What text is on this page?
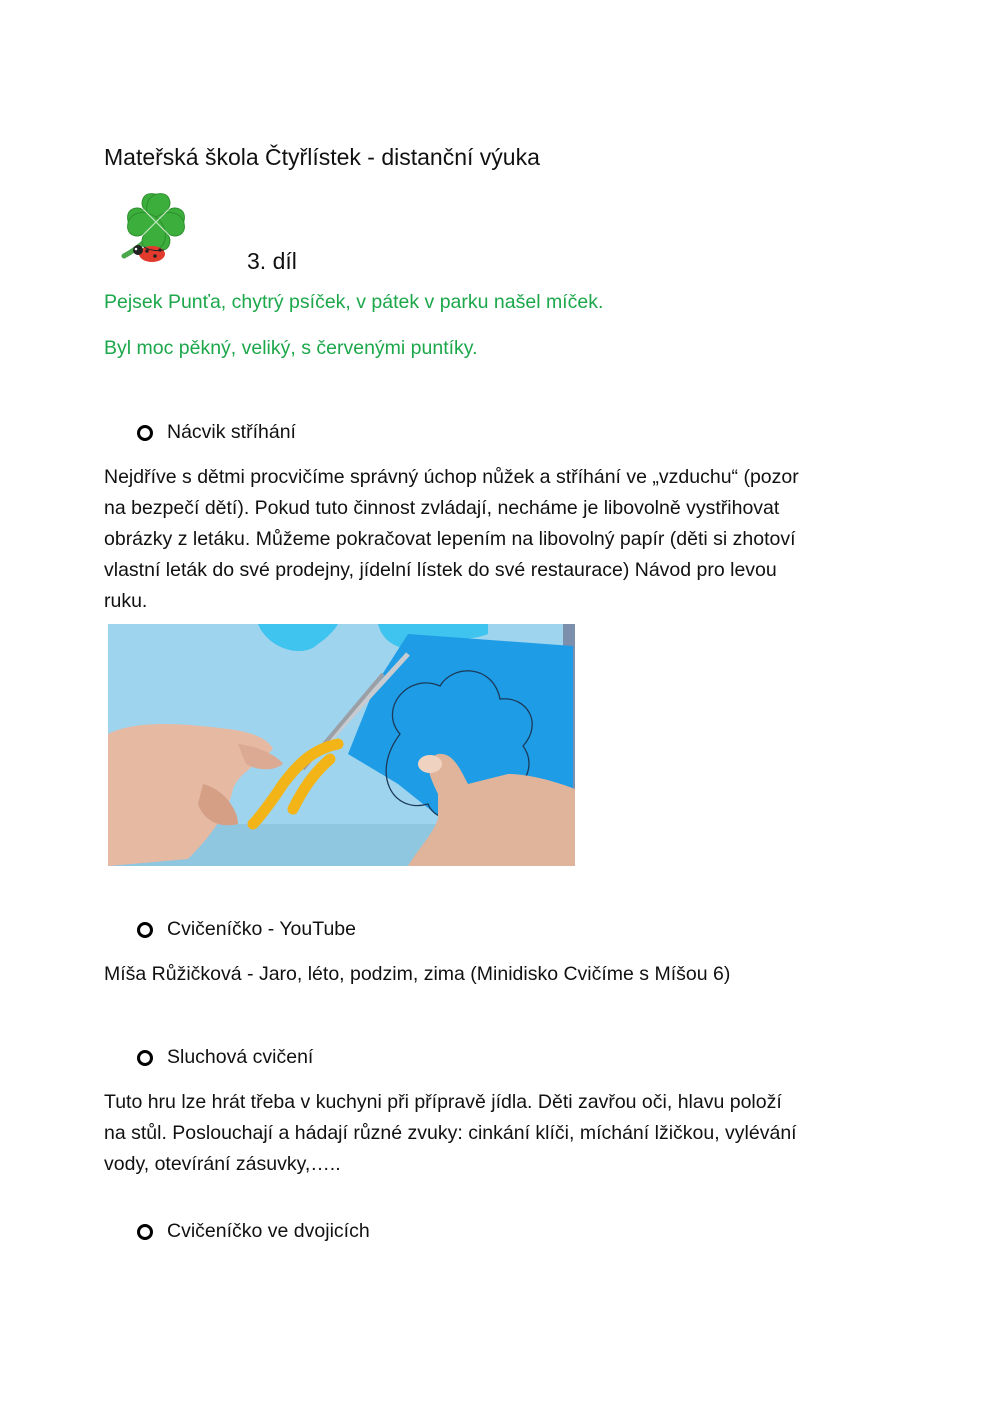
Mateřská škola Čtyřlístek - distanční výuka
3. díl
Pejsek Punťa, chytrý psíček, v pátek v parku našel míček.
Byl moc pěkný, veliký, s červenými puntíky.
Nácvik stříhání
Nejdříve s dětmi procvičíme správný úchop nůžek a stříhání ve „vzduchu“ (pozor
na bezpečí dětí). Pokud tuto činnost zvládají, necháme je libovolně vystřihovat
obrázky z letáku. Můžeme pokračovat lepením na libovolný papír (děti si zhotoví
vlastní leták do své prodejny, jídelní lístek do své restaurace) Návod pro levou
ruku.
Cvičeníčko - YouTube
Míša Růžičková - Jaro, léto, podzim, zima (Minidisko Cvičíme s Míšou 6)
Sluchová cvičení
Tuto hru lze hrát třeba v kuchyni při přípravě jídla. Děti zavřou oči, hlavu položí
na stůl. Poslouchají a hádají různé zvuky: cinkání klíči, míchání lžičkou, vylévání
vody, otevírání zásuvky,…..
Cvičeníčko ve dvojicích
